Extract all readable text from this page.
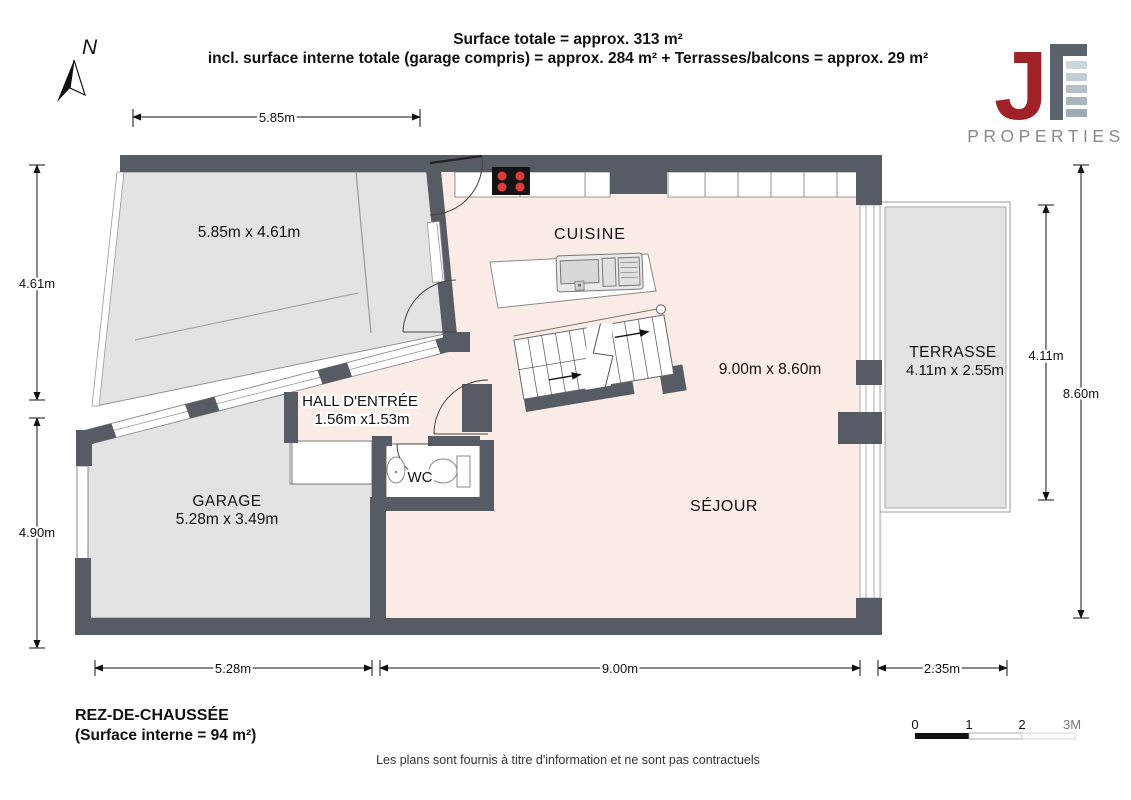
Surface totale = approx. 313 m²
incl. surface interne totale (garage compris) = approx. 284 m² + Terrasses/balcons = approx. 29 m²
N	J
PROPERTIES
5.85m x 4.61m	CUISINE
9.00m x 8.60m
TERRASSE
4.11m x 2.55m
HALL D'ENTRÉE
1.56m x1.53m
WC
GARAGE
5.28m x 3.49m
SÉJOUR
5.85m
4.61m
4.90m
4.11m
8.60m
5.28m	9.00m	2.35m
REZ-DE-CHAUSSÉE
(Surface interne = 94 m²)
Les plans sont fournis à titre d'information et ne sont pas contractuels
0	1	2	3M
